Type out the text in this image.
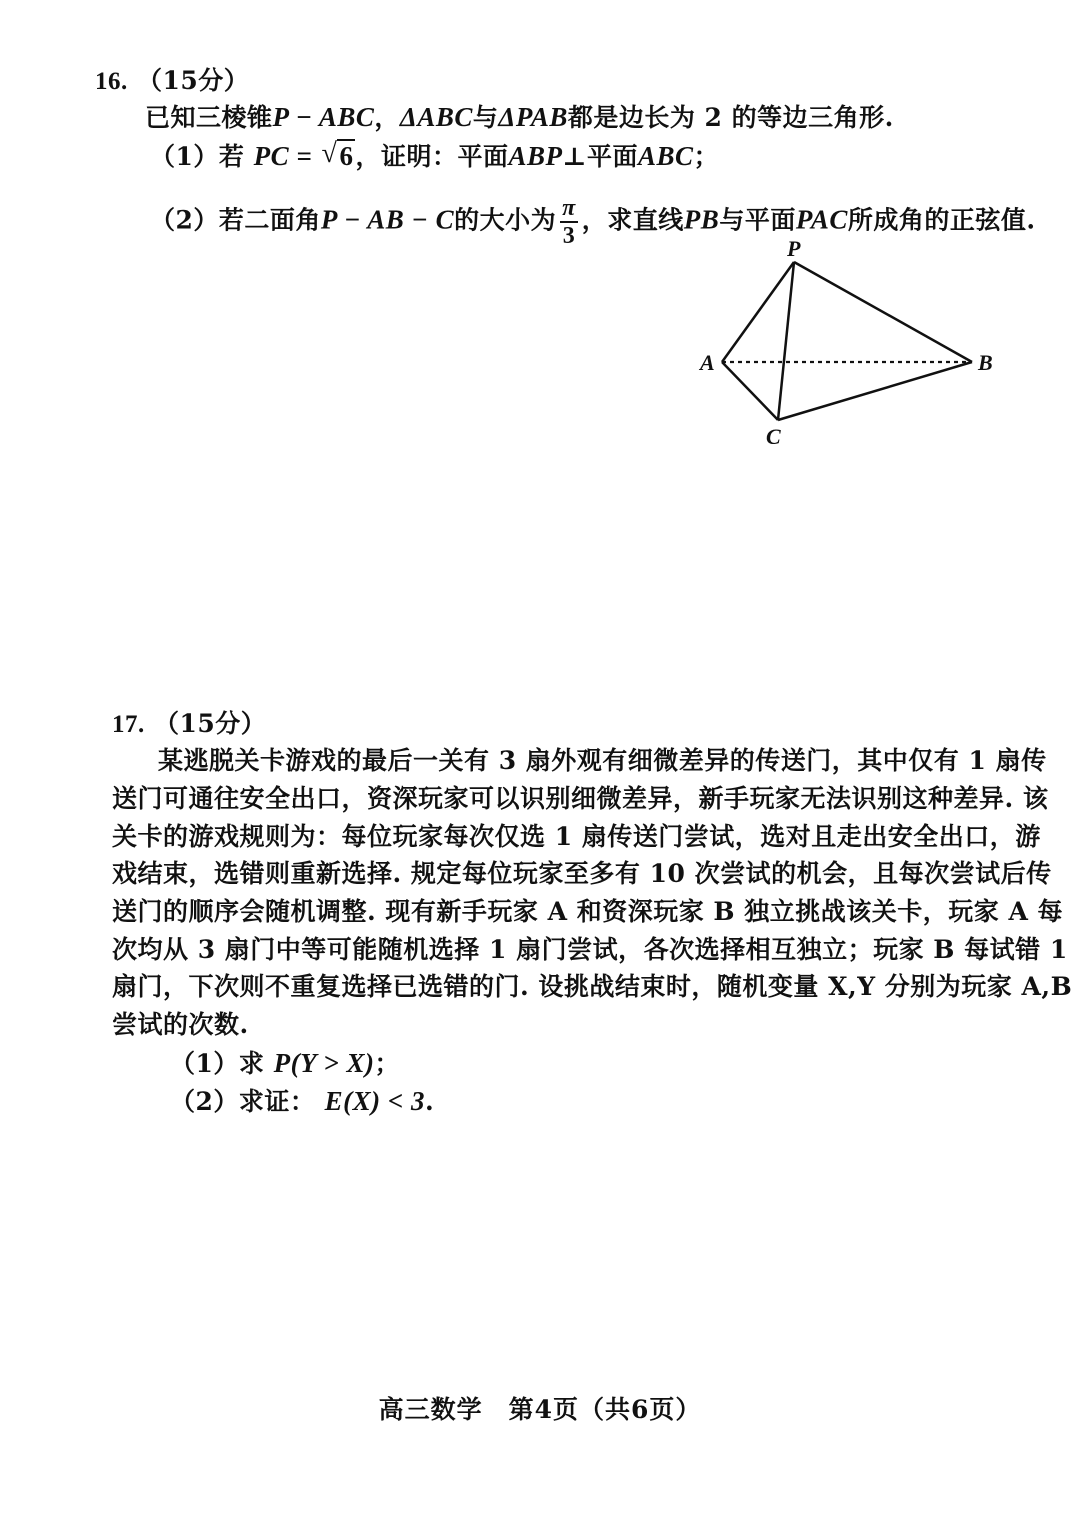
16. （15分）
已知三棱锥P − ABC，ΔABC与ΔPAB都是边长为 2 的等边三角形.
（1）若 PC = √ 6，证明：平面ABP⊥平面ABC；
（2）若二面角P − AB − C的大小为 $\frac{\pi}{3}$ ，求直线PB与平面PAC所成角的正弦值.
P
A	B
C
17. （15分）
某逃脱关卡游戏的最后一关有 3 扇外观有细微差异的传送门，其中仅有 1 扇传
送门可通往安全出口，资深玩家可以识别细微差异，新手玩家无法识别这种差异. 该
关卡的游戏规则为：每位玩家每次仅选 1 扇传送门尝试，选对且走出安全出口，游
戏结束，选错则重新选择. 规定每位玩家至多有 10 次尝试的机会，且每次尝试后传
送门的顺序会随机调整. 现有新手玩家 A 和资深玩家 B 独立挑战该关卡，玩家 A 每
次均从 3 扇门中等可能随机选择 1 扇门尝试，各次选择相互独立；玩家 B 每试错 1
扇门，下次则不重复选择已选错的门. 设挑战结束时，随机变量 X,Y 分别为玩家 A,B
尝试的次数.
（1）求 P(Y > X)；
（2）求证： E(X) < 3.
高三数学　第4页（共6页）
